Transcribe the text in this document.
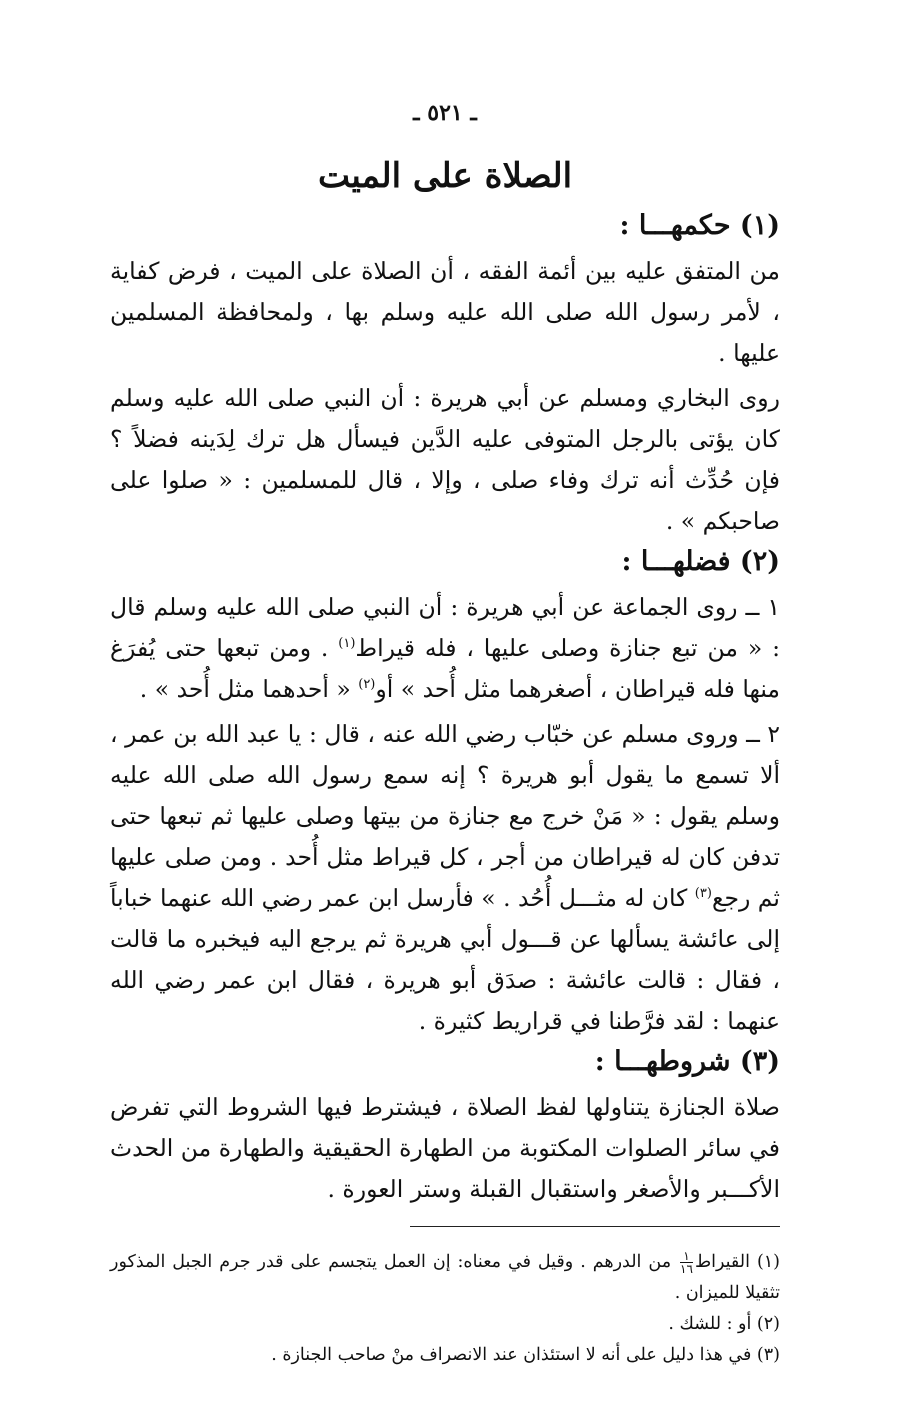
ـ ٥٢١ ـ
الصلاة على الميت
(١) حكمهـــا :

من المتفق عليه بين أئمة الفقه ، أن الصلاة على الميت ، فرض كفاية ، لأمر رسول الله صلى الله عليه وسلم بها ، ولمحافظة المسلمين عليها .

روى البخاري ومسلم عن أبي هريرة : أن النبي صلى الله عليه وسلم كان يؤتى بالرجل المتوفى عليه الدَّين فيسأل هل ترك لِدَينه فضلاً ؟ فإن حُدِّث أنه ترك وفاء صلى ، وإلا ، قال للمسلمين : « صلوا على صاحبكم » .

(٢) فضلهـــا :

١ ــ روى الجماعة عن أبي هريرة : أن النبي صلى الله عليه وسلم قال : « من تبع جنازة وصلى عليها ، فله قيراط$^{(١)}$ . ومن تبعها حتى يُفرَغ منها فله قيراطان ، أصغرهما مثل أُحد » أو$^{(٢)}$ « أحدهما مثل أُحد » .

٢ ــ وروى مسلم عن خبّاب رضي الله عنه ، قال : يا عبد الله بن عمر ، ألا تسمع ما يقول أبو هريرة ؟ إنه سمع رسول الله صلى الله عليه وسلم يقول : « مَنْ خرج مع جنازة من بيتها وصلى عليها ثم تبعها حتى تدفن كان له قيراطان من أجر ، كل قيراط مثل أُحد . ومن صلى عليها ثم رجع$^{(٣)}$ كان له مثـــل أُحُد . » فأرسل ابن عمر رضي الله عنهما خباباً إلى عائشة يسألها عن قـــول أبي هريرة ثم يرجع اليه فيخبره ما قالت ، فقال : قالت عائشة : صدَق أبو هريرة ، فقال ابن عمر رضي الله عنهما : لقد فرَّطنا في قراريط كثيرة .

(٣) شروطهـــا :

صلاة الجنازة يتناولها لفظ الصلاة ، فيشترط فيها الشروط التي تفرض في سائر الصلوات المكتوبة من الطهارة الحقيقية والطهارة من الحدث الأكـــبر والأصغر واستقبال القبلة وستر العورة .

(١) القيراط
$\frac{١}{١٦}$
من الدرهم . وقيل في معناه: إن العمل يتجسم على قدر جرم الجبل المذكور تثقيلا للميزان .

(٢) أو : للشك .

(٣) في هذا دليل على أنه لا استئذان عند الانصراف منْ صاحب الجنازة .
